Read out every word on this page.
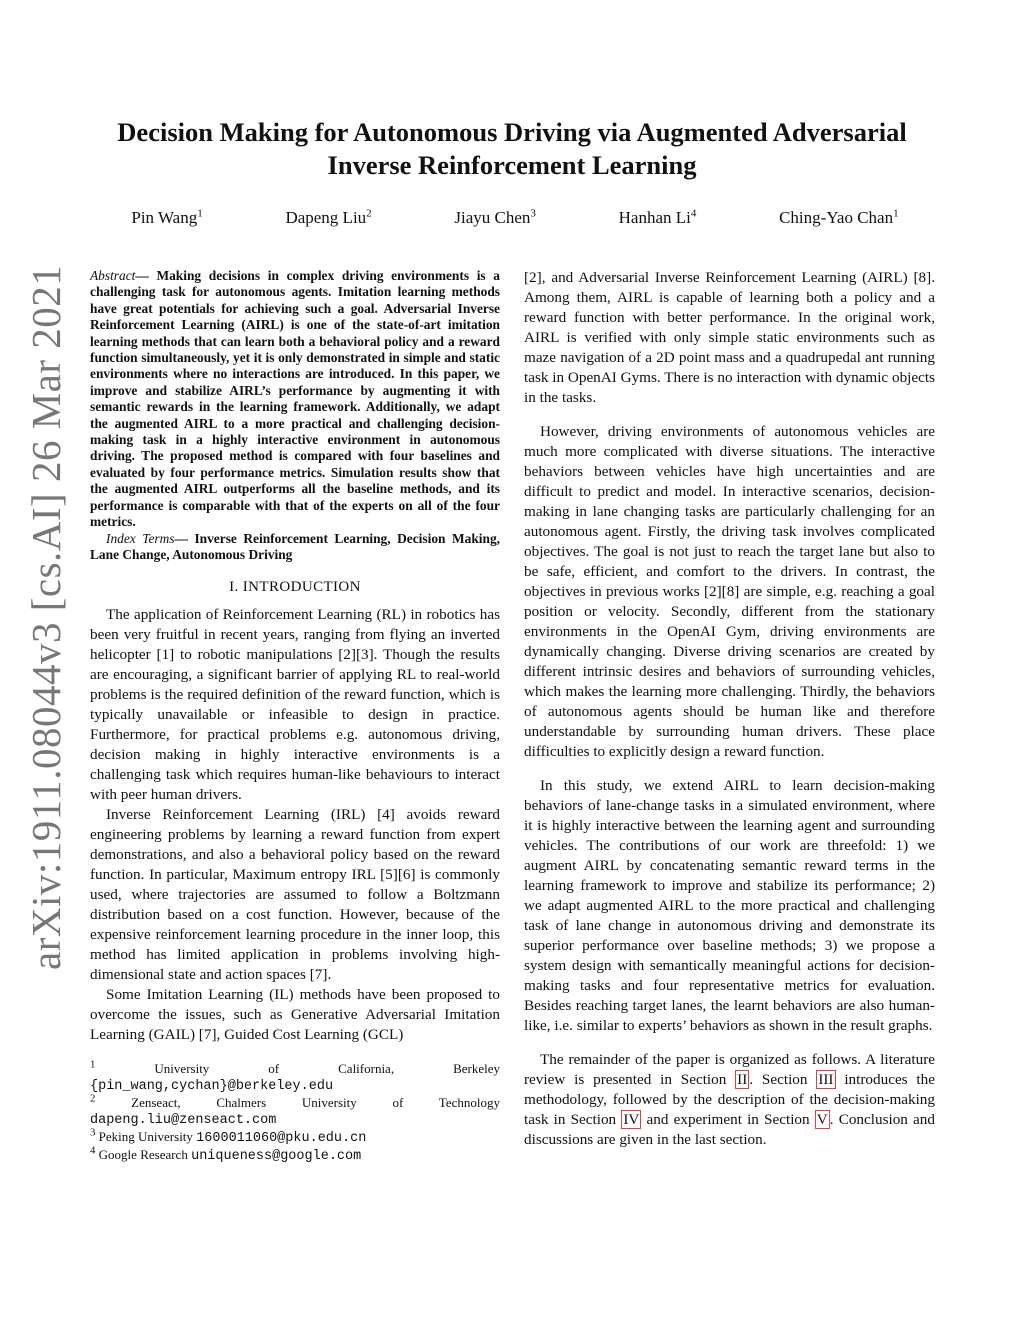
arXiv:1911.08044v3 [cs.AI] 26 Mar 2021
Decision Making for Autonomous Driving via Augmented Adversarial Inverse Reinforcement Learning
Pin Wang$^1$	Dapeng Liu$^2$	Jiayu Chen$^3$	Hanhan Li$^4$	Ching-Yao Chan$^1$
Abstract— Making decisions in complex driving environments is a challenging task for autonomous agents. Imitation learning methods have great potentials for achieving such a goal. Adversarial Inverse Reinforcement Learning (AIRL) is one of the state-of-art imitation learning methods that can learn both a behavioral policy and a reward function simultaneously, yet it is only demonstrated in simple and static environments where no interactions are introduced. In this paper, we improve and stabilize AIRL’s performance by augmenting it with semantic rewards in the learning framework. Additionally, we adapt the augmented AIRL to a more practical and challenging decision-making task in a highly interactive environment in autonomous driving. The proposed method is compared with four baselines and evaluated by four performance metrics. Simulation results show that the augmented AIRL outperforms all the baseline methods, and its performance is comparable with that of the experts on all of the four metrics.
Index Terms— Inverse Reinforcement Learning, Decision Making, Lane Change, Autonomous Driving
I. INTRODUCTION

The application of Reinforcement Learning (RL) in robotics has been very fruitful in recent years, ranging from flying an inverted helicopter [1] to robotic manipulations [2][3]. Though the results are encouraging, a significant barrier of applying RL to real-world problems is the required definition of the reward function, which is typically unavailable or infeasible to design in practice. Furthermore, for practical problems e.g. autonomous driving, decision making in highly interactive environments is a challenging task which requires human-like behaviours to interact with peer human drivers.

Inverse Reinforcement Learning (IRL) [4] avoids reward engineering problems by learning a reward function from expert demonstrations, and also a behavioral policy based on the reward function. In particular, Maximum entropy IRL [5][6] is commonly used, where trajectories are assumed to follow a Boltzmann distribution based on a cost function. However, because of the expensive reinforcement learning procedure in the inner loop, this method has limited application in problems involving high-dimensional state and action spaces [7].

Some Imitation Learning (IL) methods have been proposed to overcome the issues, such as Generative Adversarial Imitation Learning (GAIL) [7], Guided Cost Learning (GCL)

$^1$	University of California, Berkeley {pin_wang,cychan}@berkeley.edu
$^2$	Zenseact, Chalmers University of Technology dapeng.liu@zenseact.com
$^3$ Peking University 1600011060@pku.edu.cn
$^4$ Google Research uniqueness@google.com

[2], and Adversarial Inverse Reinforcement Learning (AIRL) [8]. Among them, AIRL is capable of learning both a policy and a reward function with better performance. In the original work, AIRL is verified with only simple static environments such as maze navigation of a 2D point mass and a quadrupedal ant running task in OpenAI Gyms. There is no interaction with dynamic objects in the tasks.

However, driving environments of autonomous vehicles are much more complicated with diverse situations. The interactive behaviors between vehicles have high uncertainties and are difficult to predict and model. In interactive scenarios, decision-making in lane changing tasks are particularly challenging for an autonomous agent. Firstly, the driving task involves complicated objectives. The goal is not just to reach the target lane but also to be safe, efficient, and comfort to the drivers. In contrast, the objectives in previous works [2][8] are simple, e.g. reaching a goal position or velocity. Secondly, different from the stationary environments in the OpenAI Gym, driving environments are dynamically changing. Diverse driving scenarios are created by different intrinsic desires and behaviors of surrounding vehicles, which makes the learning more challenging. Thirdly, the behaviors of autonomous agents should be human like and therefore understandable by surrounding human drivers. These place difficulties to explicitly design a reward function.

In this study, we extend AIRL to learn decision-making behaviors of lane-change tasks in a simulated environment, where it is highly interactive between the learning agent and surrounding vehicles. The contributions of our work are threefold: 1) we augment AIRL by concatenating semantic reward terms in the learning framework to improve and stabilize its performance; 2) we adapt augmented AIRL to the more practical and challenging task of lane change in autonomous driving and demonstrate its superior performance over baseline methods; 3) we propose a system design with semantically meaningful actions for decision-making tasks and four representative metrics for evaluation. Besides reaching target lanes, the learnt behaviors are also human-like, i.e. similar to experts’ behaviors as shown in the result graphs.

The remainder of the paper is organized as follows. A literature review is presented in Section II . Section III introduces the methodology, followed by the description of the decision-making task in Section IV and experiment in Section V . Conclusion and discussions are given in the last section.
